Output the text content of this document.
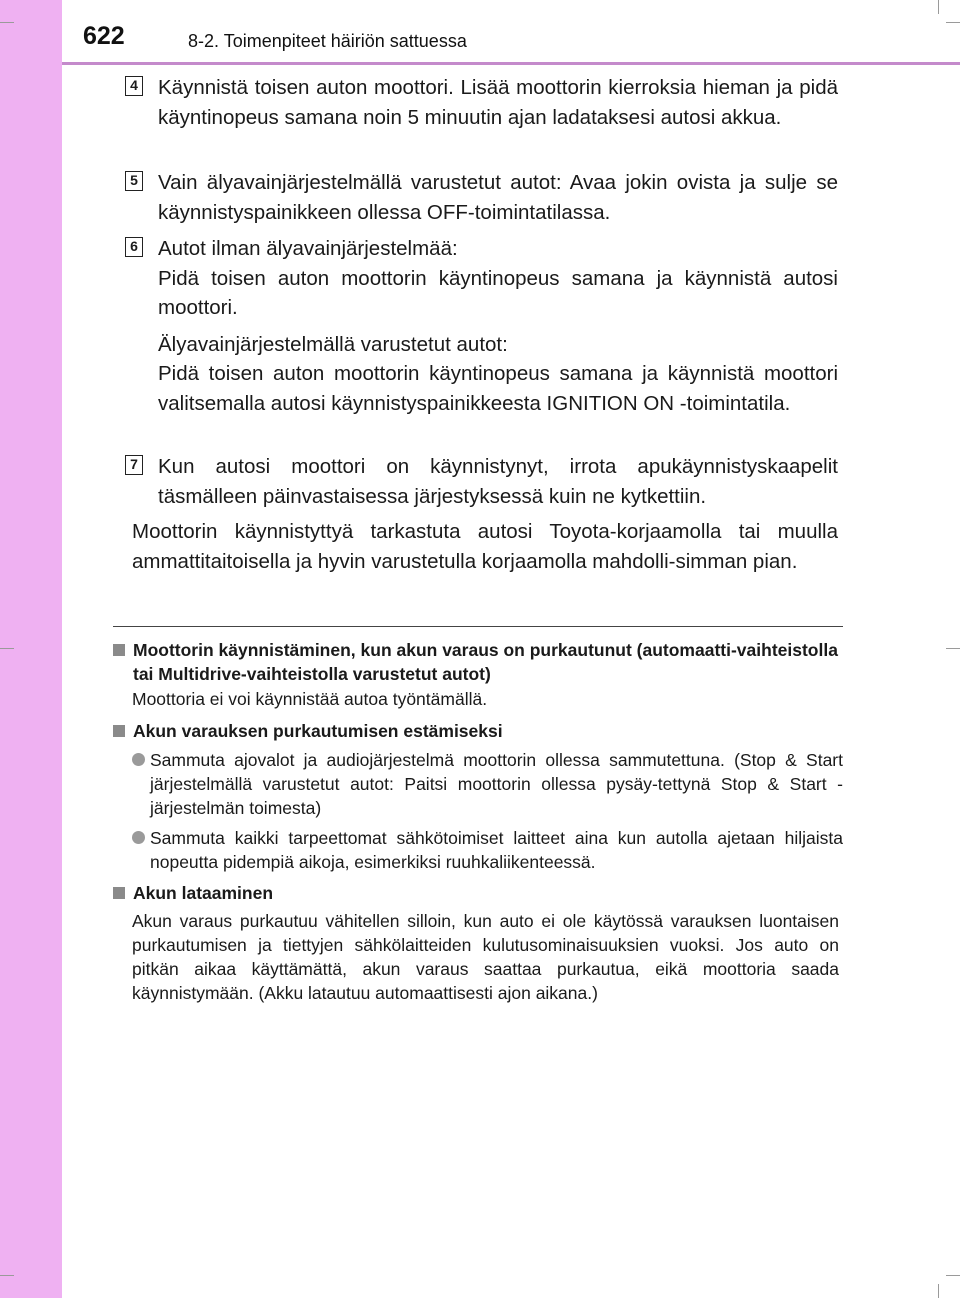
622	8-2. Toimenpiteet häiriön sattuessa
4 Käynnistä toisen auton moottori. Lisää moottorin kierroksia hieman ja pidä käyntinopeus samana noin 5 minuutin ajan ladataksesi autosi akkua.

5 Vain älyavainjärjestelmällä varustetut autot: Avaa jokin ovista ja sulje se käynnistyspainikkeen ollessa OFF-toimintatilassa.

6 Autot ilman älyavainjärjestelmää:

Pidä toisen auton moottorin käyntinopeus samana ja käynnistä autosi moottori.

Älyavainjärjestelmällä varustetut autot:

Pidä toisen auton moottorin käyntinopeus samana ja käynnistä moottori valitsemalla autosi käynnistyspainikkeesta IGNITION ON -toimintatila.

7 Kun autosi moottori on käynnistynyt, irrota apukäynnistyskaapelit täsmälleen päinvastaisessa järjestyksessä kuin ne kytkettiin.

Moottorin käynnistyttyä tarkastuta autosi Toyota-korjaamolla tai muulla ammattitaitoisella ja hyvin varustetulla korjaamolla mahdolli-simman pian.
Moottorin käynnistäminen, kun akun varaus on purkautunut (automaatti-vaihteistolla tai Multidrive-vaihteistolla varustetut autot)
Moottoria ei voi käynnistää autoa työntämällä.
Akun varauksen purkautumisen estämiseksi
Sammuta ajovalot ja audiojärjestelmä moottorin ollessa sammutettuna. (Stop & Start järjestelmällä varustetut autot: Paitsi moottorin ollessa pysäy-tettynä Stop & Start -järjestelmän toimesta)
Sammuta kaikki tarpeettomat sähkötoimiset laitteet aina kun autolla ajetaan hiljaista nopeutta pidempiä aikoja, esimerkiksi ruuhkaliikenteessä.
Akun lataaminen
Akun varaus purkautuu vähitellen silloin, kun auto ei ole käytössä varauksen luontaisen purkautumisen ja tiettyjen sähkölaitteiden kulutusominaisuuksien vuoksi. Jos auto on pitkän aikaa käyttämättä, akun varaus saattaa purkautua, eikä moottoria saada käynnistymään. (Akku latautuu automaattisesti ajon aikana.)
